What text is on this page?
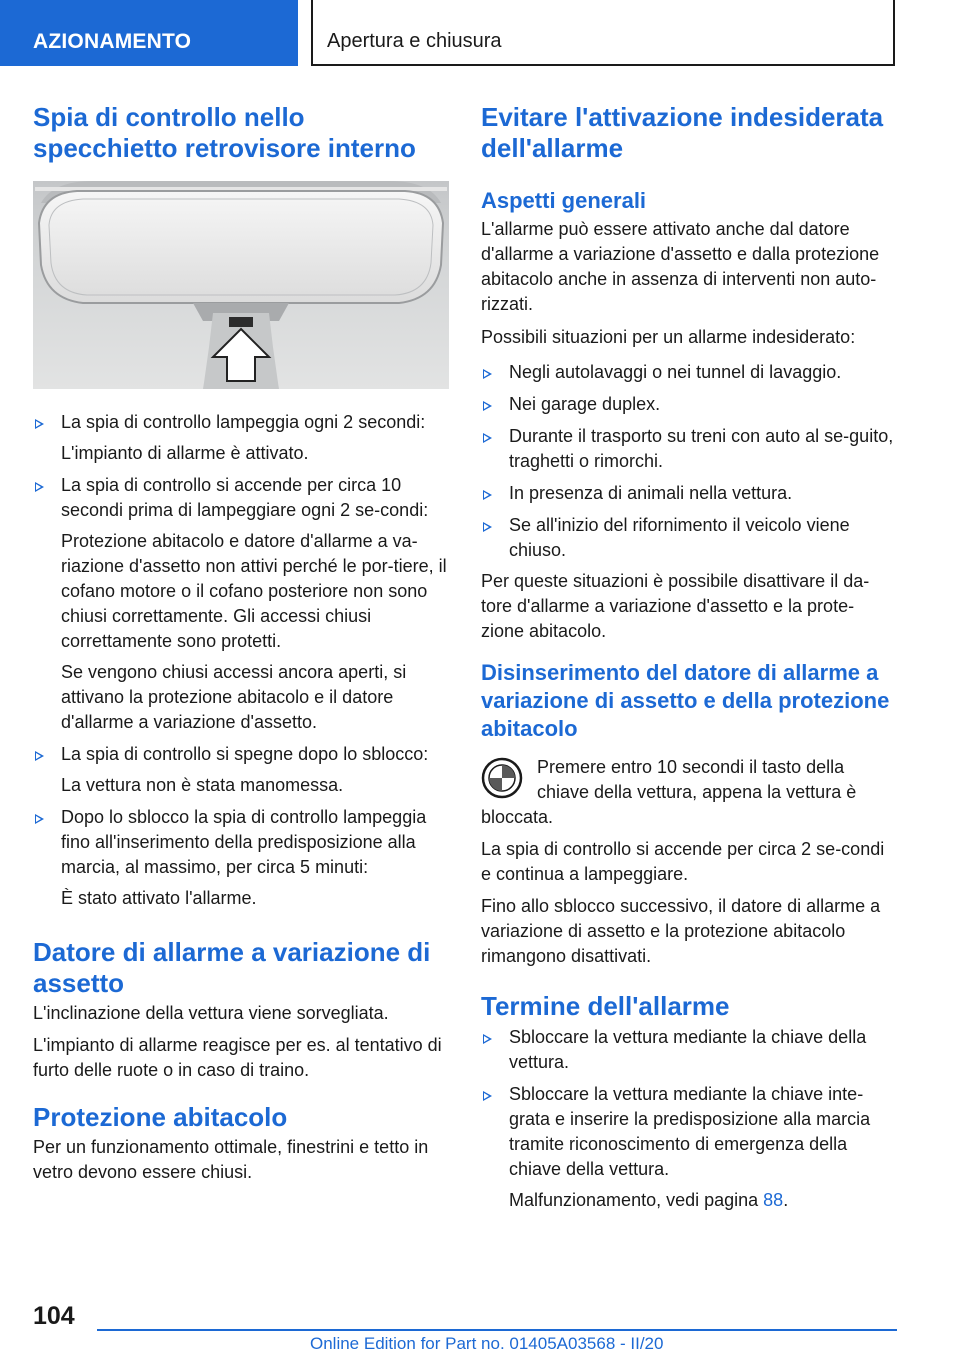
AZIONAMENTO	Apertura e chiusura
Spia di controllo nello specchietto retrovisore interno
La spia di controllo lampeggia ogni 2 secondi:
L'impianto di allarme è attivato.
La spia di controllo si accende per circa 10 secondi prima di lampeggiare ogni 2 se-condi:
Protezione abitacolo e datore d'allarme a va-riazione d'assetto non attivi perché le por-tiere, il cofano motore o il cofano posteriore non sono chiusi correttamente. Gli accessi chiusi correttamente sono protetti.
Se vengono chiusi accessi ancora aperti, si attivano la protezione abitacolo e il datore d'allarme a variazione d'assetto.
La spia di controllo si spegne dopo lo sblocco:
La vettura non è stata manomessa.
Dopo lo sblocco la spia di controllo lampeggia fino all'inserimento della predisposizione alla marcia, al massimo, per circa 5 minuti:
È stato attivato l'allarme.
Datore di allarme a variazione di assetto

L'inclinazione della vettura viene sorvegliata.

L'impianto di allarme reagisce per es. al tentativo di furto delle ruote o in caso di traino.

Protezione abitacolo

Per un funzionamento ottimale, finestrini e tetto in vetro devono essere chiusi.

Evitare l'attivazione indesiderata dell'allarme
Aspetti generali

L'allarme può essere attivato anche dal datore d'allarme a variazione d'assetto e dalla protezione abitacolo anche in assenza di interventi non auto-rizzati.

Possibili situazioni per un allarme indesiderato:

Negli autolavaggi o nei tunnel di lavaggio.
Nei garage duplex.
Durante il trasporto su treni con auto al se-guito, traghetti o rimorchi.
In presenza di animali nella vettura.
Se all'inizio del rifornimento il veicolo viene chiuso.

Per queste situazioni è possibile disattivare il da-tore d'allarme a variazione d'assetto e la prote-zione abitacolo.

Disinserimento del datore di allarme a variazione di assetto e della protezione abitacolo

Premere entro 10 secondi il tasto della chiave della vettura, appena la vettura è bloccata.

La spia di controllo si accende per circa 2 se-condi e continua a lampeggiare.

Fino allo sblocco successivo, il datore di allarme a variazione di assetto e la protezione abitacolo rimangono disattivati.

Termine dell'allarme
Sbloccare la vettura mediante la chiave della vettura.
Sbloccare la vettura mediante la chiave inte-grata e inserire la predisposizione alla marcia tramite riconoscimento di emergenza della chiave della vettura.
Malfunzionamento, vedi pagina 88.
104
Online Edition for Part no. 01405A03568 - II/20
